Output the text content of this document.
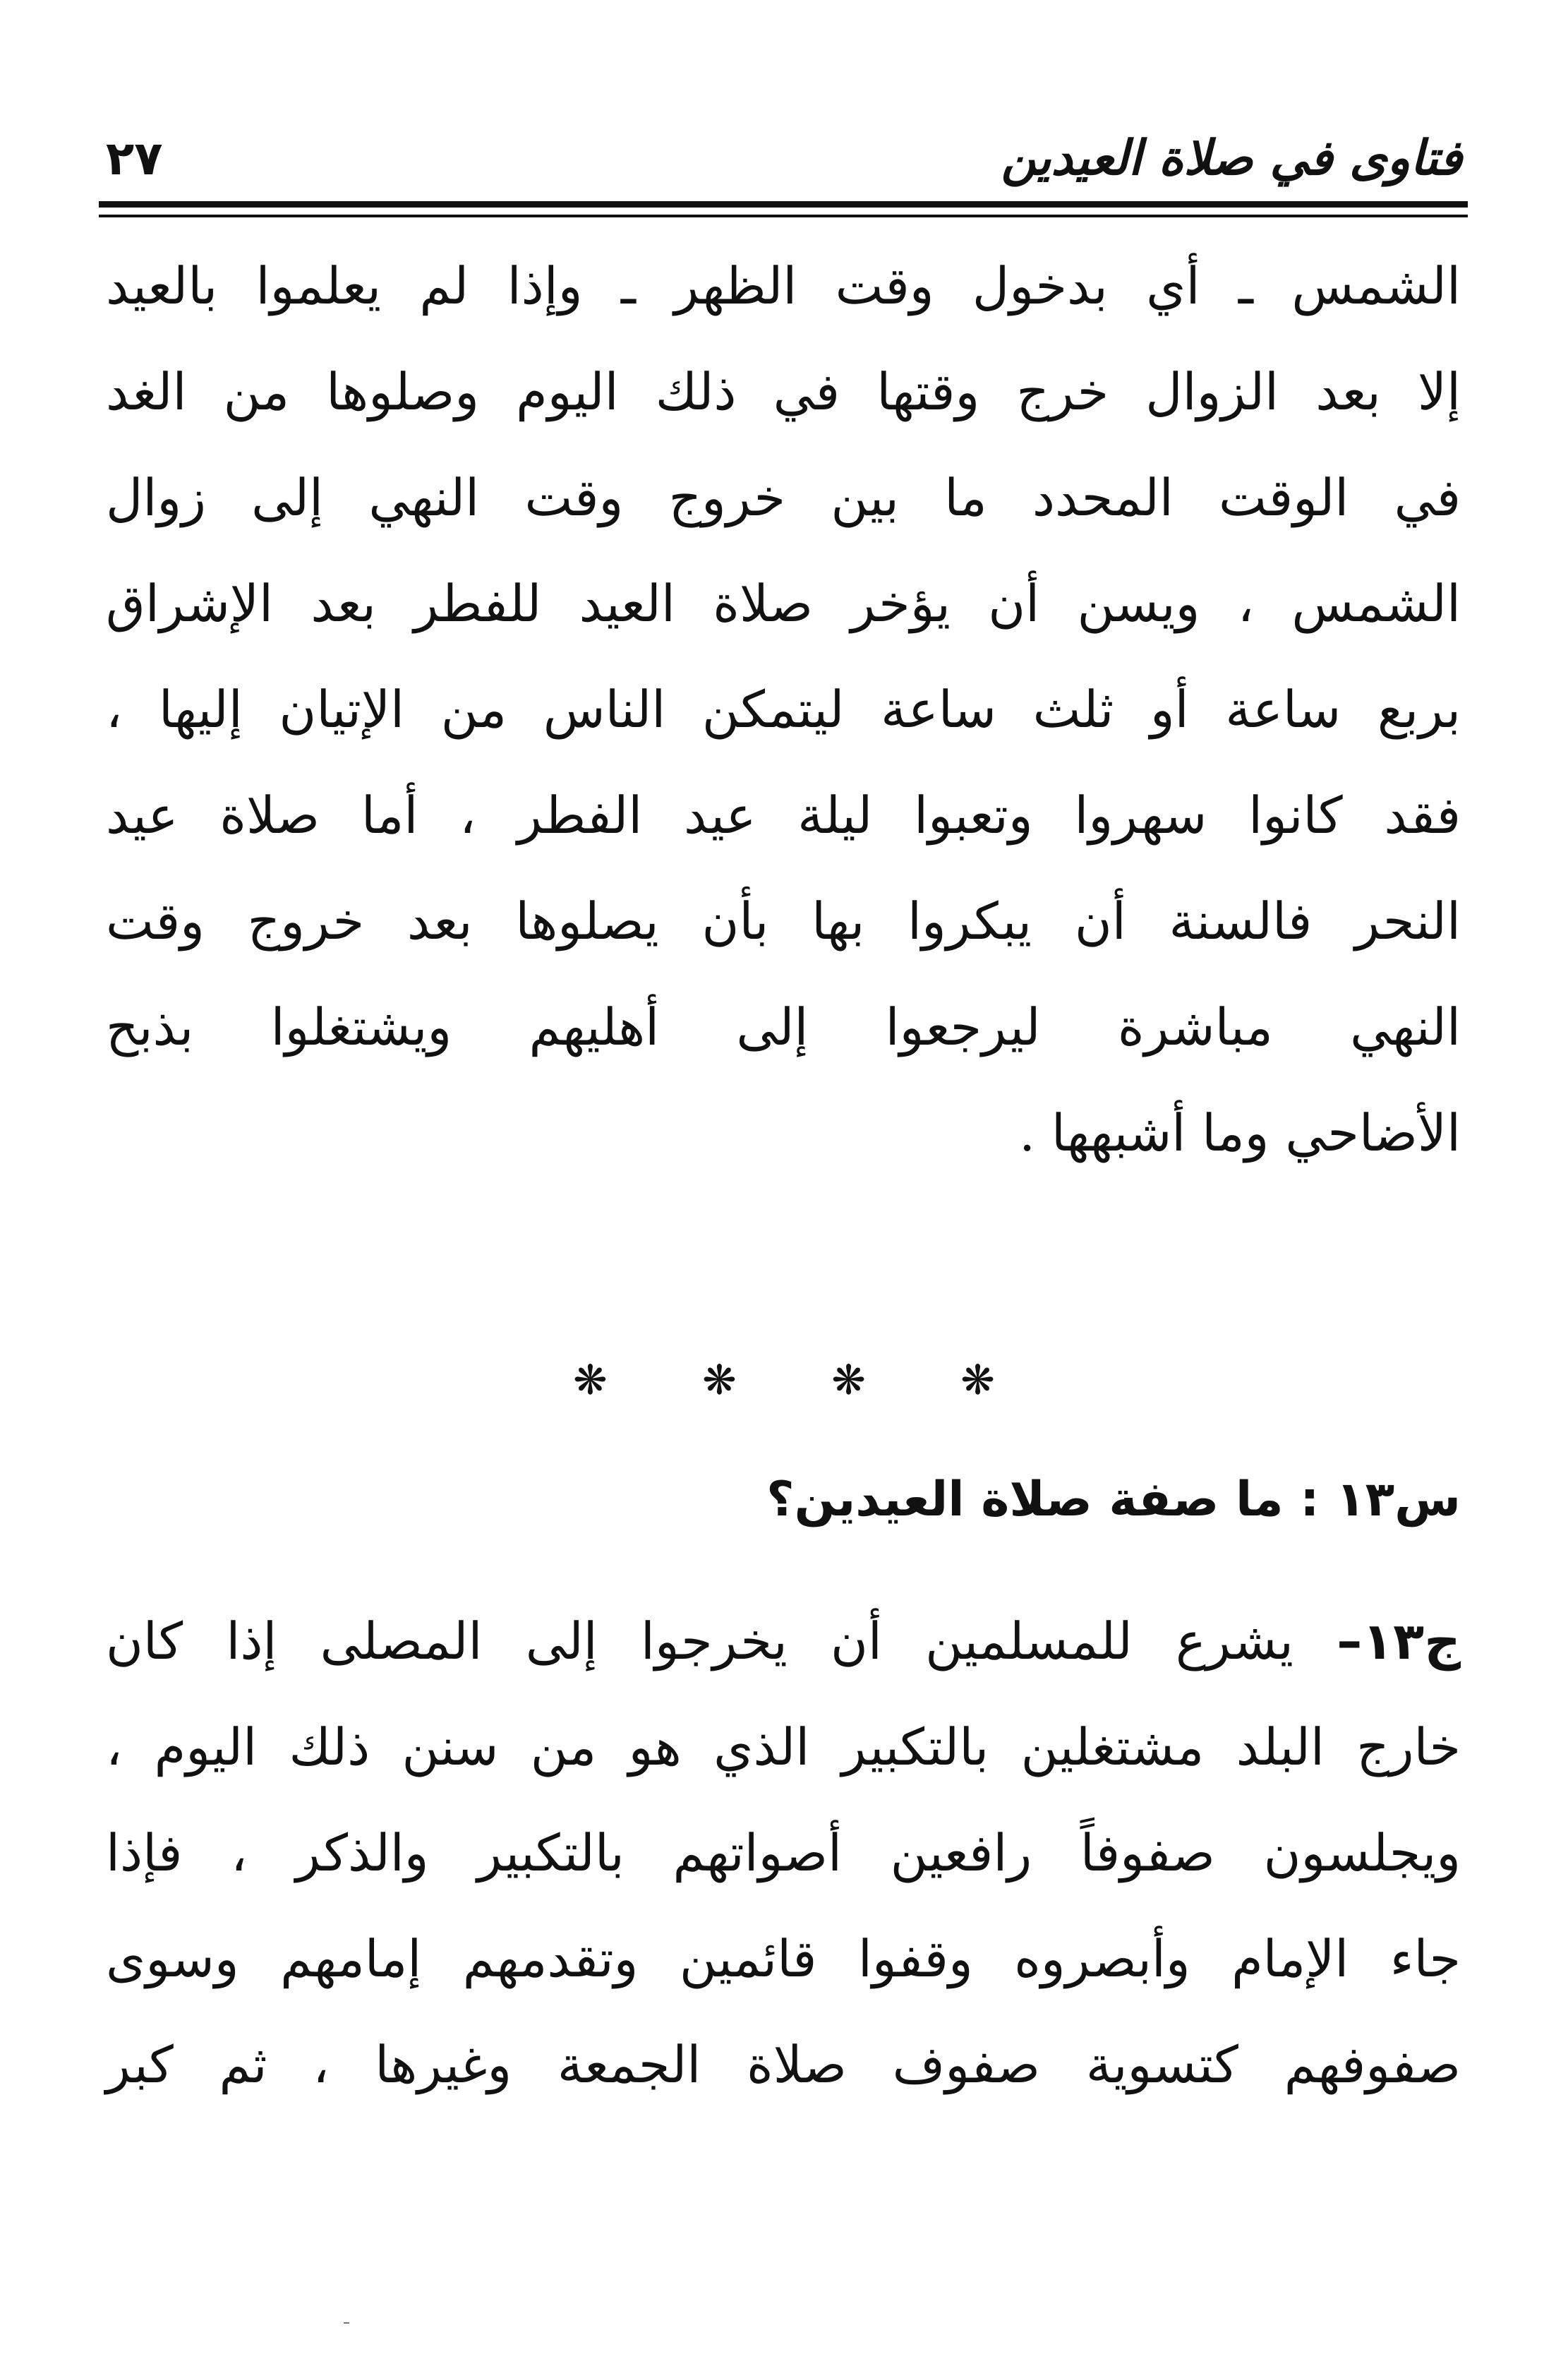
فتاوى في صلاة العيدين
٢٧
الشمس ـ أي بدخول وقت الظهر ـ وإذا لم يعلموا بالعيد
إلا بعد الزوال خرج وقتها في ذلك اليوم وصلوها من الغد
في الوقت المحدد ما بين خروج وقت النهي إلى زوال
الشمس ، ويسن أن يؤخر صلاة العيد للفطر بعد الإشراق
بربع ساعة أو ثلث ساعة ليتمكن الناس من الإتيان إليها ،
فقد كانوا سهروا وتعبوا ليلة عيد الفطر ، أما صلاة عيد
النحر فالسنة أن يبكروا بها بأن يصلوها بعد خروج وقت
النهي مباشرة ليرجعوا إلى أهليهم ويشتغلوا بذبح
الأضاحي وما أشبهها .
❋ ❋ ❋ ❋
س١٣ : ما صفة صلاة العيدين؟
ج١٣– يشرع للمسلمين أن يخرجوا إلى المصلى إذا كان
خارج البلد مشتغلين بالتكبير الذي هو من سنن ذلك اليوم ،
ويجلسون صفوفاً رافعين أصواتهم بالتكبير والذكر ، فإذا
جاء الإمام وأبصروه وقفوا قائمين وتقدمهم إمامهم وسوى
صفوفهم كتسوية صفوف صلاة الجمعة وغيرها ، ثم كبر
